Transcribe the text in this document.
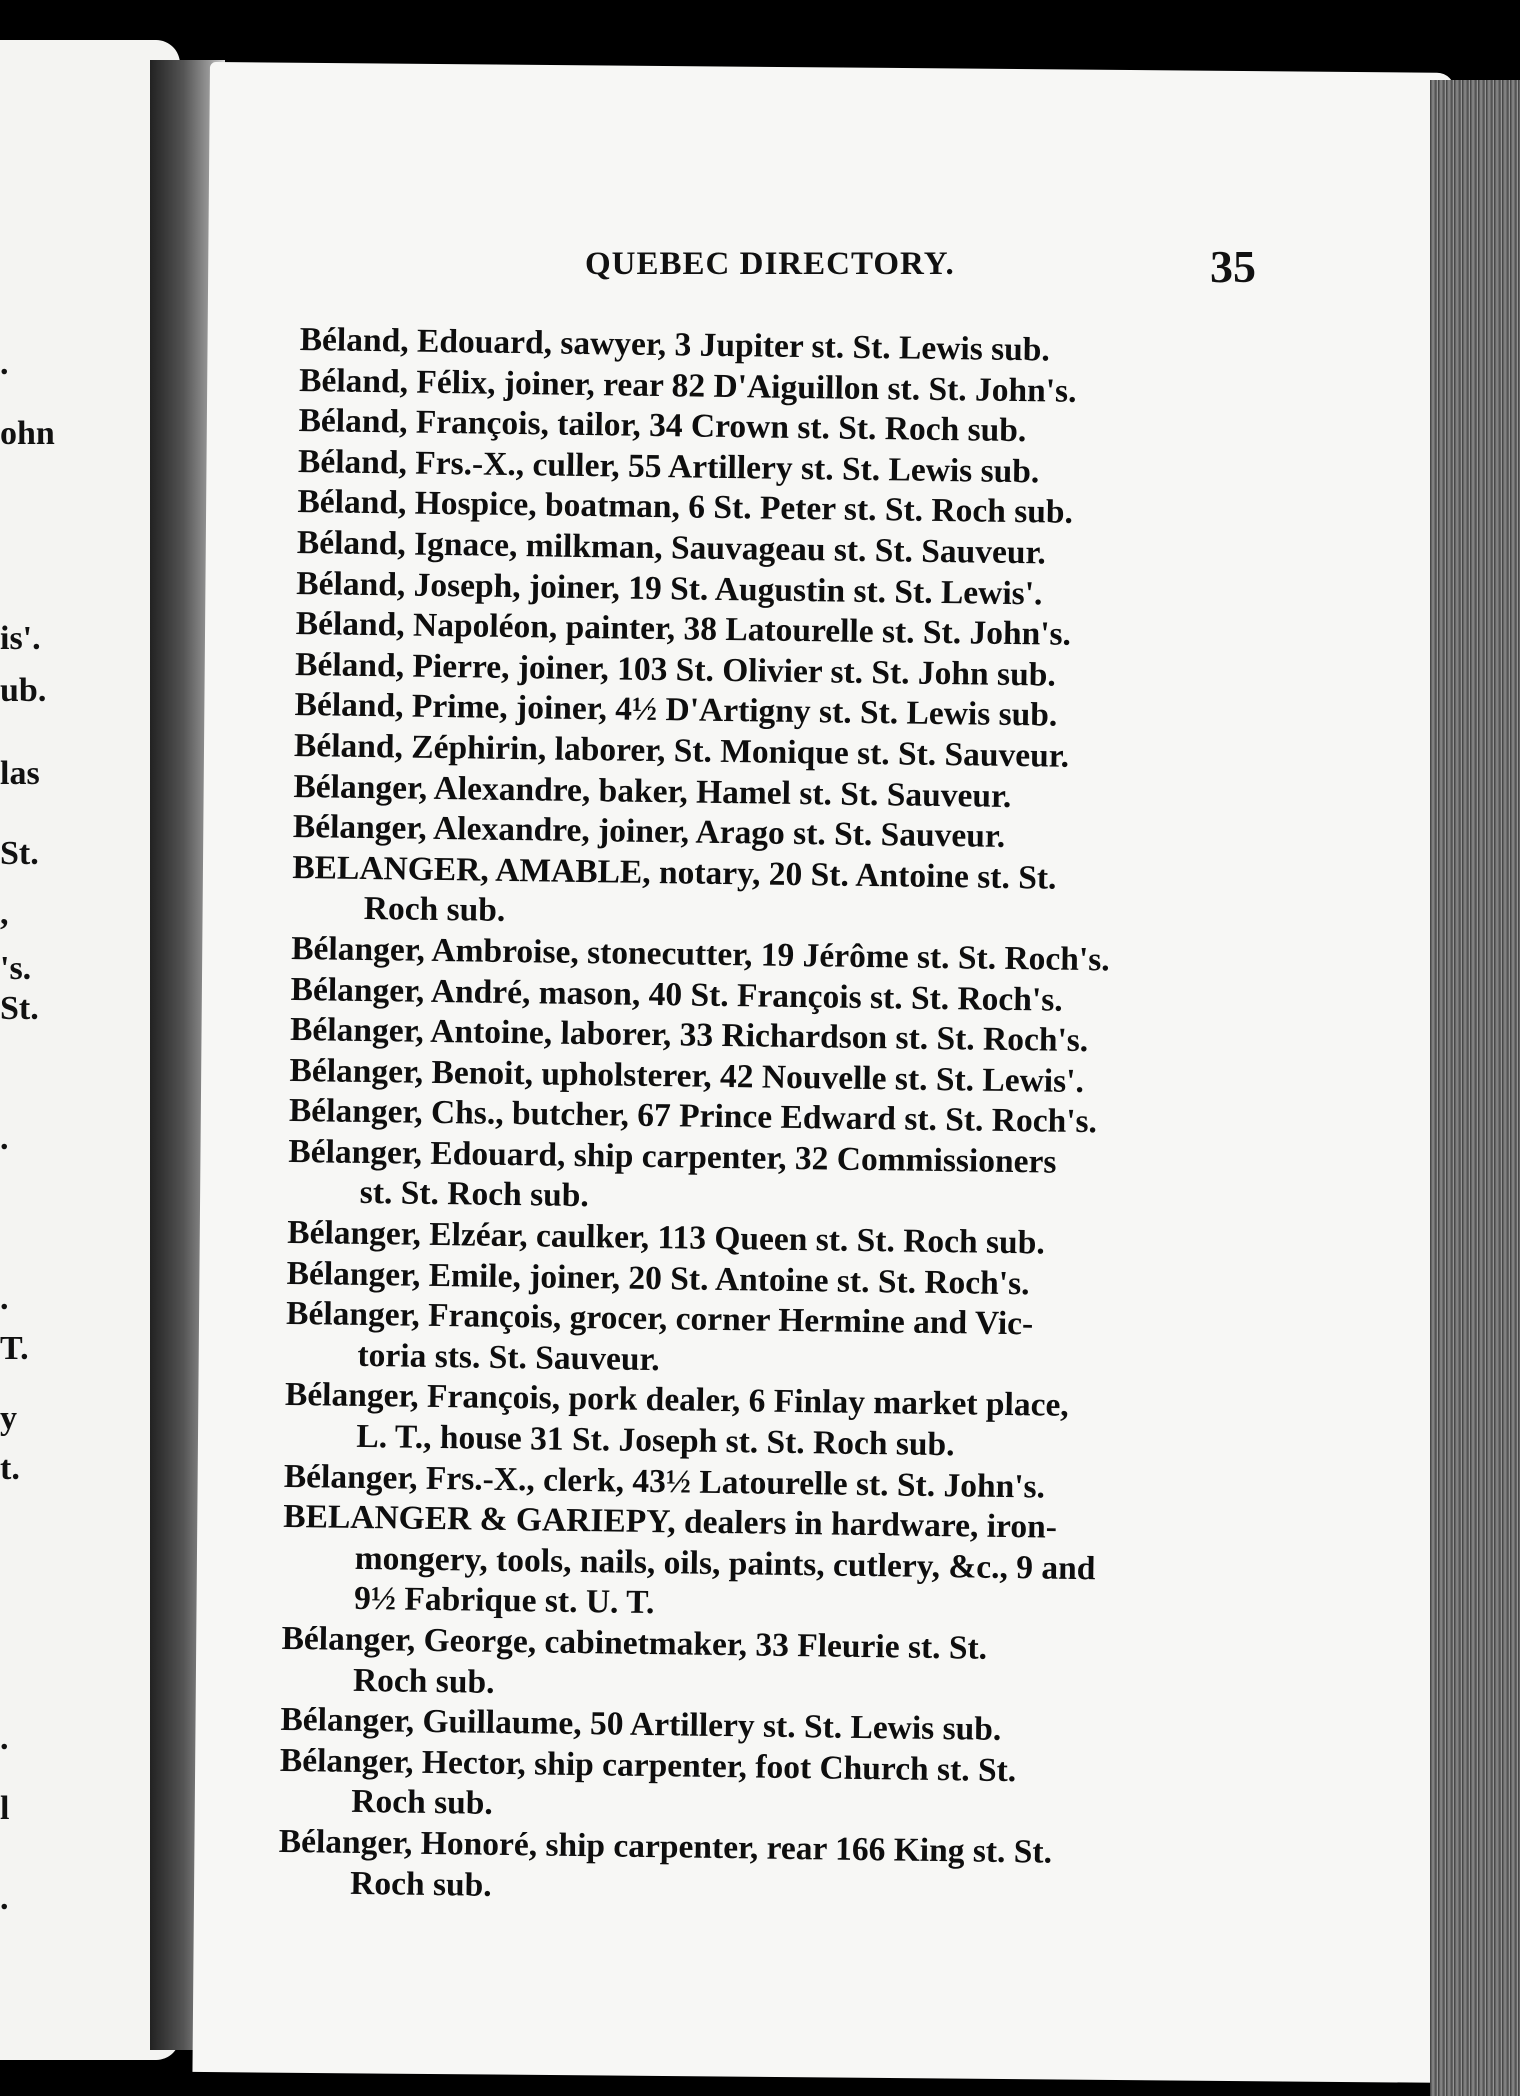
.
ohn
is'.
ub.
las
St.
,
's.
St.
.
.
T.
y
t.
.
l
.
QUEBEC DIRECTORY.	35

Béland, Edouard, sawyer, 3 Jupiter st. St. Lewis sub.

Béland, Félix, joiner, rear 82 D'Aiguillon st. St. John's.

Béland, François, tailor, 34 Crown st. St. Roch sub.

Béland, Frs.-X., culler, 55 Artillery st. St. Lewis sub.

Béland, Hospice, boatman, 6 St. Peter st. St. Roch sub.

Béland, Ignace, milkman, Sauvageau st. St. Sauveur.

Béland, Joseph, joiner, 19 St. Augustin st. St. Lewis'.

Béland, Napoléon, painter, 38 Latourelle st. St. John's.

Béland, Pierre, joiner, 103 St. Olivier st. St. John sub.

Béland, Prime, joiner, 4½ D'Artigny st. St. Lewis sub.

Béland, Zéphirin, laborer, St. Monique st. St. Sauveur.

Bélanger, Alexandre, baker, Hamel st. St. Sauveur.

Bélanger, Alexandre, joiner, Arago st. St. Sauveur.

BELANGER, AMABLE, notary, 20 St. Antoine st. St.
Roch sub.

Bélanger, Ambroise, stonecutter, 19 Jérôme st. St. Roch's.

Bélanger, André, mason, 40 St. François st. St. Roch's.

Bélanger, Antoine, laborer, 33 Richardson st. St. Roch's.

Bélanger, Benoit, upholsterer, 42 Nouvelle st. St. Lewis'.

Bélanger, Chs., butcher, 67 Prince Edward st. St. Roch's.

Bélanger, Edouard, ship carpenter, 32 Commissioners
st. St. Roch sub.

Bélanger, Elzéar, caulker, 113 Queen st. St. Roch sub.

Bélanger, Emile, joiner, 20 St. Antoine st. St. Roch's.

Bélanger, François, grocer, corner Hermine and Vic-
toria sts. St. Sauveur.

Bélanger, François, pork dealer, 6 Finlay market place,
L. T., house 31 St. Joseph st. St. Roch sub.

Bélanger, Frs.-X., clerk, 43½ Latourelle st. St. John's.

BELANGER & GARIEPY, dealers in hardware, iron-
mongery, tools, nails, oils, paints, cutlery, &c., 9 and
9½ Fabrique st. U. T.

Bélanger, George, cabinetmaker, 33 Fleurie st. St.
Roch sub.

Bélanger, Guillaume, 50 Artillery st. St. Lewis sub.

Bélanger, Hector, ship carpenter, foot Church st. St.
Roch sub.

Bélanger, Honoré, ship carpenter, rear 166 King st. St.
Roch sub.
